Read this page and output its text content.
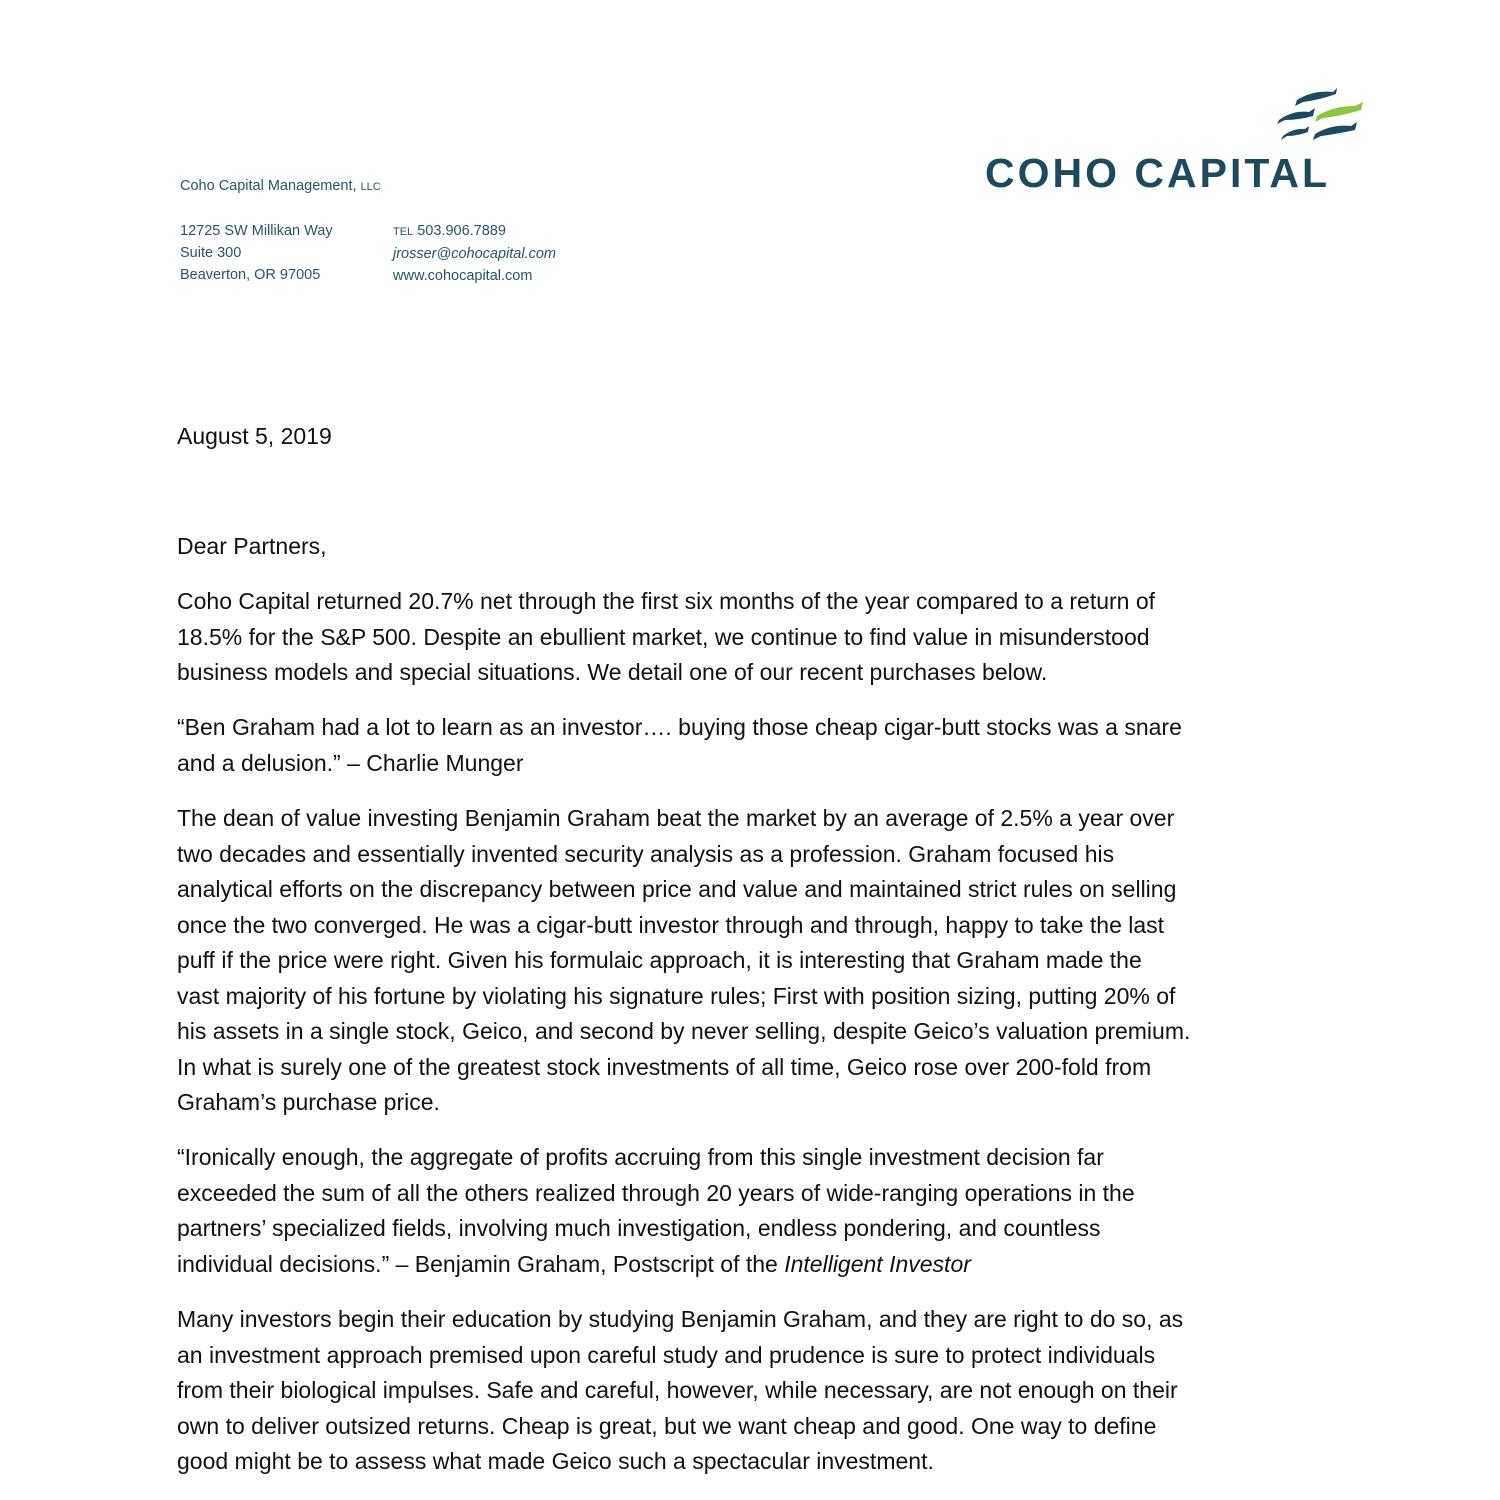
Coho Capital Management, LLC
12725 SW Millikan Way
Suite 300
Beaverton, OR 97005
TEL 503.906.7889
jrosser@cohocapital.com
www.cohocapital.com
COHO CAPITAL
August 5, 2019
Dear Partners,
Coho Capital returned 20.7% net through the first six months of the year compared to a return of
18.5% for the S&P 500. Despite an ebullient market, we continue to find value in misunderstood
business models and special situations. We detail one of our recent purchases below.
“Ben Graham had a lot to learn as an investor…. buying those cheap cigar-butt stocks was a snare
and a delusion.” – Charlie Munger
The dean of value investing Benjamin Graham beat the market by an average of 2.5% a year over
two decades and essentially invented security analysis as a profession. Graham focused his
analytical efforts on the discrepancy between price and value and maintained strict rules on selling
once the two converged. He was a cigar-butt investor through and through, happy to take the last
puff if the price were right. Given his formulaic approach, it is interesting that Graham made the
vast majority of his fortune by violating his signature rules; First with position sizing, putting 20% of
his assets in a single stock, Geico, and second by never selling, despite Geico’s valuation premium.
In what is surely one of the greatest stock investments of all time, Geico rose over 200-fold from
Graham’s purchase price.
“Ironically enough, the aggregate of profits accruing from this single investment decision far
exceeded the sum of all the others realized through 20 years of wide-ranging operations in the
partners’ specialized fields, involving much investigation, endless pondering, and countless
individual decisions.” – Benjamin Graham, Postscript of the Intelligent Investor
Many investors begin their education by studying Benjamin Graham, and they are right to do so, as
an investment approach premised upon careful study and prudence is sure to protect individuals
from their biological impulses. Safe and careful, however, while necessary, are not enough on their
own to deliver outsized returns. Cheap is great, but we want cheap and good. One way to define
good might be to assess what made Geico such a spectacular investment.
